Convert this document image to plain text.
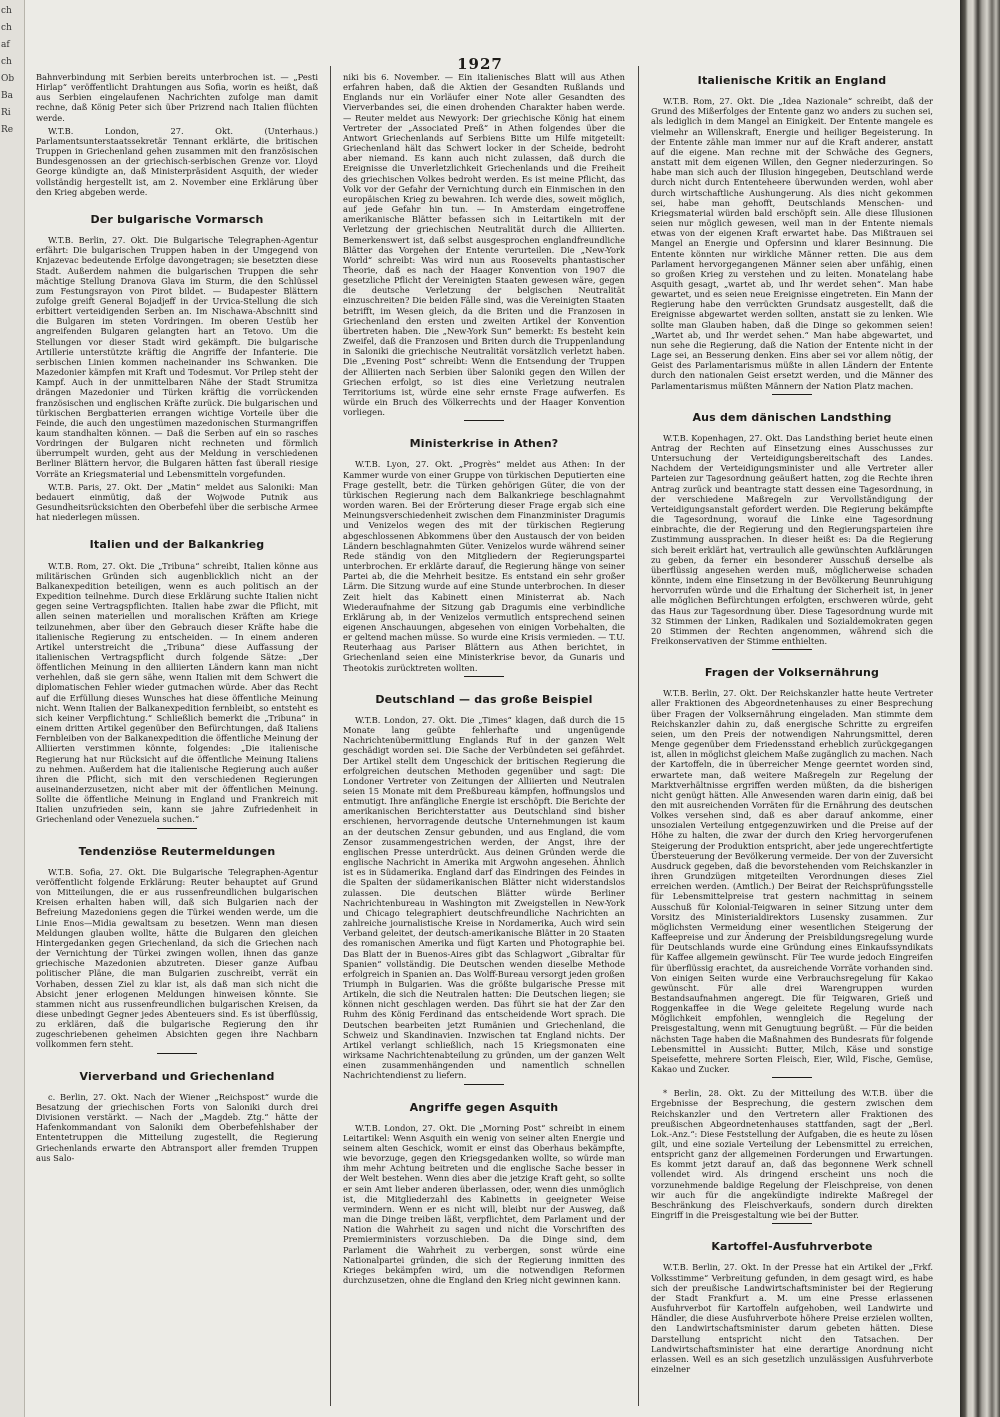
ch
ch
af
ch
Ob
Ba
Ri
Re
1927

Bahnverbindung mit Serbien bereits unterbrochen ist. — „Pesti Hirlap“ veröffentlicht Drahtungen aus Sofia, worin es heißt, daß aus Serbien eingelaufenen Nachrichten zufolge man damit rechne, daß König Peter sich über Prizrend nach Italien flüchten werde.

W.T.B. London, 27. Okt. (Unterhaus.) Parlamentsunterstaatssekretär Tennant erklärte, die britischen Truppen in Griechenland gehen zusammen mit den französischen Bundesgenossen an der griechisch-serbischen Grenze vor. Lloyd George kündigte an, daß Ministerpräsident Asquith, der wieder vollständig hergestellt ist, am 2. November eine Erklärung über den Krieg abgeben werde.

Der bulgarische Vormarsch

W.T.B. Berlin, 27. Okt. Die Bulgarische Telegraphen-Agentur erfährt: Die bulgarischen Truppen haben in der Umgegend von Knjazevac bedeutende Erfolge davongetragen; sie besetzten diese Stadt. Außerdem nahmen die bulgarischen Truppen die sehr mächtige Stellung Dranova Glava im Sturm, die den Schlüssel zum Festungsrayon von Pirot bildet. — Budapester Blättern zufolge greift General Bojadjeff in der Urvica-Stellung die sich erbittert verteidigenden Serben an. Im Nischawa-Abschnitt sind die Bulgaren im steten Vordringen. Im oberen Uestüb her angreifenden Bulgaren gelangten hart an Tetovo. Um die Stellungen vor dieser Stadt wird gekämpft. Die bulgarische Artillerie unterstützte kräftig die Angriffe der Infanterie. Die serbischen Linien kommen nacheinander ins Schwanken. Die Mazedonier kämpfen mit Kraft und Todesmut. Vor Prilep steht der Kampf. Auch in der unmittelbaren Nähe der Stadt Strumitza drängen Mazedonier und Türken kräftig die vorrückenden französischen und englischen Kräfte zurück. Die bulgarischen und türkischen Bergbatterien errangen wichtige Vorteile über die Feinde, die auch den ungestümen mazedonischen Sturmangriffen kaum standhalten können. — Daß die Serben auf ein so rasches Vordringen der Bulgaren nicht rechneten und förmlich überrumpelt wurden, geht aus der Meldung in verschiedenen Berliner Blättern hervor, die Bulgaren hätten fast überall riesige Vorräte an Kriegsmaterial und Lebensmitteln vorgefunden.

W.T.B. Paris, 27. Okt. Der „Matin“ meldet aus Saloniki: Man bedauert einmütig, daß der Wojwode Putnik aus Gesundheitsrücksichten den Oberbefehl über die serbische Armee hat niederlegen müssen.

Italien und der Balkankrieg

W.T.B. Rom, 27. Okt. Die „Tribuna“ schreibt, Italien könne aus militärischen Gründen sich augenblicklich nicht an der Balkanexpedition beteiligen, wenn es auch politisch an der Expedition teilnehme. Durch diese Erklärung suchte Italien nicht gegen seine Vertragspflichten. Italien habe zwar die Pflicht, mit allen seinen materiellen und moralischen Kräften am Kriege teilzunehmen, aber über den Gebrauch dieser Kräfte habe die italienische Regierung zu entscheiden. — In einem anderen Artikel unterstreicht die „Tribuna“ diese Auffassung der italienischen Vertragspflicht durch folgende Sätze: „Der öffentlichen Meinung in den alliierten Ländern kann man nicht verhehlen, daß sie gern sähe, wenn Italien mit dem Schwert die diplomatischen Fehler wieder gutmachen würde. Aber das Recht auf die Erfüllung dieses Wunsches hat diese öffentliche Meinung nicht. Wenn Italien der Balkanexpedition fernbleibt, so entsteht es sich keiner Verpflichtung.“ Schließlich bemerkt die „Tribuna“ in einem dritten Artikel gegenüber den Befürchtungen, daß Italiens Fernbleiben von der Balkanexpedition die öffentliche Meinung der Alliierten verstimmen könnte, folgendes: „Die italienische Regierung hat nur Rücksicht auf die öffentliche Meinung Italiens zu nehmen. Außerdem hat die italienische Regierung auch außer ihren die Pflicht, sich mit den verschiedenen Regierungen auseinanderzusetzen, nicht aber mit der öffentlichen Meinung. Sollte die öffentliche Meinung in England und Frankreich mit Italien unzufrieden sein, kann sie jahre Zufriedenheit in Griechenland oder Venezuela suchen.“

Tendenziöse Reutermeldungen

W.T.B. Sofia, 27. Okt. Die Bulgarische Telegraphen-Agentur veröffentlicht folgende Erklärung: Reuter behauptet auf Grund von Mitteilungen, die er aus russenfreundlichen bulgarischen Kreisen erhalten haben will, daß sich Bulgarien nach der Befreiung Mazedoniens gegen die Türkei wenden werde, um die Linie Enos—Midia gewaltsam zu besetzen. Wenn man diesen Meldungen glauben wollte, hätte die Bulgaren den gleichen Hintergedanken gegen Griechenland, da sich die Griechen nach der Vernichtung der Türkei zwingen wollen, ihnen das ganze griechische Mazedonien abzutreten. Dieser ganze Aufbau politischer Pläne, die man Bulgarien zuschreibt, verrät ein Vorhaben, dessen Ziel zu klar ist, als daß man sich nicht die Absicht jener erlogenen Meldungen hinweisen könnte. Sie stammen nicht aus russenfreundlichen bulgarischen Kreisen, da diese unbedingt Gegner jedes Abenteuers sind. Es ist überflüssig, zu erklären, daß die bulgarische Regierung den ihr zugeschriebenen geheimen Absichten gegen ihre Nachbarn vollkommen fern steht.

Vierverband und Griechenland

c. Berlin, 27. Okt. Nach der Wiener „Reichspost“ wurde die Besatzung der griechischen Forts von Saloniki durch drei Divisionen verstärkt. — Nach der „Magdeb. Ztg.“ hätte der Hafenkommandant von Saloniki dem Oberbefehlshaber der Ententetruppen die Mitteilung zugestellt, die Regierung Griechenlands erwarte den Abtransport aller fremden Truppen aus Salo-

niki bis 6. November. — Ein italienisches Blatt will aus Athen erfahren haben, daß die Aktien der Gesandten Rußlands und Englands nur ein Vorläufer einer Note aller Gesandten des Vierverbandes sei, die einen drohenden Charakter haben werde. — Reuter meldet aus Newyork: Der griechische König hat einem Vertreter der „Associated Preß“ in Athen folgendes über die Antwort Griechenlands auf Serbiens Bitte um Hilfe mitgeteilt: Griechenland hält das Schwert locker in der Scheide, bedroht aber niemand. Es kann auch nicht zulassen, daß durch die Ereignisse die Unverletzlichkeit Griechenlands und die Freiheit des griechischen Volkes bedroht werden. Es ist meine Pflicht, das Volk vor der Gefahr der Vernichtung durch ein Einmischen in den europäischen Krieg zu bewahren. Ich werde dies, soweit möglich, auf jede Gefahr hin tun. — In Amsterdam eingetroffene amerikanische Blätter befassen sich in Leitartikeln mit der Verletzung der griechischen Neutralität durch die Alliierten. Bemerkenswert ist, daß selbst ausgesprochen englandfreundliche Blätter das Vorgehen der Entente verurteilen. Die „New-York World“ schreibt: Was wird nun aus Roosevelts phantastischer Theorie, daß es nach der Haager Konvention von 1907 die gesetzliche Pflicht der Vereinigten Staaten gewesen wäre, gegen die deutsche Verletzung der belgischen Neutralität einzuschreiten? Die beiden Fälle sind, was die Vereinigten Staaten betrifft, im Wesen gleich, da die Briten und die Franzosen in Griechenland den ersten und zweiten Artikel der Konvention übertreten haben. Die „New-York Sun“ bemerkt: Es besteht kein Zweifel, daß die Franzosen und Briten durch die Truppenlandung in Saloniki die griechische Neutralität vorsätzlich verletzt haben. Die „Evening Post“ schreibt: Wenn die Entsendung der Truppen der Alliierten nach Serbien über Saloniki gegen den Willen der Griechen erfolgt, so ist dies eine Verletzung neutralen Territoriums ist, würde eine sehr ernste Frage aufwerfen. Es würde ein Bruch des Völkerrechts und der Haager Konvention vorliegen.

Ministerkrise in Athen?

W.T.B. Lyon, 27. Okt. „Progrès“ meldet aus Athen: In der Kammer wurde von einer Gruppe von türkischen Deputierten eine Frage gestellt, betr. die Türken gehörigen Güter, die von der türkischen Regierung nach dem Balkankriege beschlagnahmt worden waren. Bei der Erörterung dieser Frage ergab sich eine Meinungsverschiedenheit zwischen dem Finanzminister Dragumis und Venizelos wegen des mit der türkischen Regierung abgeschlossenen Abkommens über den Austausch der von beiden Ländern beschlagnahmten Güter. Venizelos wurde während seiner Rede ständig von den Mitgliedern der Regierungspartei unterbrochen. Er erklärte darauf, die Regierung hänge von seiner Partei ab, die die Mehrheit besitze. Es entstand ein sehr großer Lärm. Die Sitzung wurde auf eine Stunde unterbrochen. In dieser Zeit hielt das Kabinett einen Ministerrat ab. Nach Wiederaufnahme der Sitzung gab Dragumis eine verbindliche Erklärung ab, in der Venizelos vermutlich entsprechend seinen eigenen Anschauungen, abgesehen von einigen Vorbehalten, die er geltend machen müsse. So wurde eine Krisis vermieden. — T.U. Reuterhaag aus Pariser Blättern aus Athen berichtet, in Griechenland seien eine Ministerkrise bevor, da Gunaris und Theotokis zurücktreten wollten.

Deutschland — das große Beispiel

W.T.B. London, 27. Okt. Die „Times“ klagen, daß durch die 15 Monate lang geübte fehlerhafte und ungenügende Nachrichtenübermittlung Englands Ruf in der ganzen Welt geschädigt worden sei. Die Sache der Verbündeten sei gefährdet. Der Artikel stellt dem Ungeschick der britischen Regierung die erfolgreichen deutschen Methoden gegenüber und sagt: Die Londoner Vertreter von Zeitungen der Alliierten und Neutralen seien 15 Monate mit dem Preßbureau kämpfen, hoffnungslos und entmutigt. Ihre anfängliche Energie ist erschöpft. Die Berichte der amerikanischen Berichterstatter aus Deutschland sind bisher erschienen, hervorragende deutsche Unternehmungen ist kaum an der deutschen Zensur gebunden, und aus England, die vom Zensor zusammengestrichen werden, der Angst, ihre der englischen Presse unterdrückt. Aus deinen Gründen werde die englische Nachricht in Amerika mit Argwohn angesehen. Ähnlich ist es in Südamerika. England darf das Eindringen des Feindes in die Spalten der südamerikanischen Blätter nicht widerstandslos zulassen. Die deutschen Blätter würde Berliner Nachrichtenbureau in Washington mit Zweigstellen in New-York und Chicago telegraphiert deutschfreundliche Nachrichten an zahlreiche journalistische Kreise in Nordamerika, Auch wird sein Verband geleitet, der deutsch-amerikanische Blätter in 20 Staaten des romanischen Amerika und fügt Karten und Photographie bei. Das Blatt der in Buenos-Aires gibt das Schlagwort „Gibraltar für Spanien“ vollständig. Die Deutschen wenden dieselbe Methode erfolgreich in Spanien an. Das Wolff-Bureau versorgt jeden großen Triumph in Bulgarien. Was die größte bulgarische Presse mit Artikeln, die sich die Neutralen hatten: Die Deutschen liegen; sie können nicht geschlagen werden. Das führt sie hat der Zar den Ruhm des König Ferdinand das entscheidende Wort sprach. Die Deutschen bearbeiten jetzt Rumänien und Griechenland, die Schweiz und Skandinavien. Inzwischen tat England nichts. Der Artikel verlangt schließlich, nach 15 Kriegsmonaten eine wirksame Nachrichtenabteilung zu gründen, um der ganzen Welt einen zusammenhängenden und namentlich schnellen Nachrichtendienst zu liefern.

Angriffe gegen Asquith

W.T.B. London, 27. Okt. Die „Morning Post“ schreibt in einem Leitartikel: Wenn Asquith ein wenig von seiner alten Energie und seinem alten Geschick, womit er einst das Oberhaus bekämpfte, wie bevorzuge, gegen den Kriegsgedanken wollte, so würde man ihm mehr Achtung beitreten und die englische Sache besser in der Welt bestehen. Wenn dies aber die jetzige Kraft geht, so sollte er sein Amt lieber anderen überlassen, oder, wenn dies unmöglich ist, die Mitgliederzahl des Kabinetts in geeigneter Weise vermindern. Wenn er es nicht will, bleibt nur der Ausweg, daß man die Dinge treiben läßt, verpflichtet, dem Parlament und der Nation die Wahrheit zu sagen und nicht die Vorschriften des Premierministers vorzuschieben. Da die Dinge sind, dem Parlament die Wahrheit zu verbergen, sonst würde eine Nationalpartei gründen, die sich der Regierung inmitten des Krieges bekämpfen wird, um die notwendigen Reformen durchzusetzen, ohne die England den Krieg nicht gewinnen kann.

Italienische Kritik an England

W.T.B. Rom, 27. Okt. Die „Idea Nazionale“ schreibt, daß der Grund des Mißerfolges der Entente ganz wo anders zu suchen sei, als lediglich in dem Mangel an Einigkeit. Der Entente mangele es vielmehr an Willenskraft, Energie und heiliger Begeisterung. In der Entente zähle man immer nur auf die Kraft anderer, anstatt auf die eigene. Man rechne mit der Schwäche des Gegners, anstatt mit dem eigenen Willen, den Gegner niederzuringen. So habe man sich auch der Illusion hingegeben, Deutschland werde durch nicht durch Ententeheere überwunden werden, wohl aber durch wirtschaftliche Aushungerung. Als dies nicht gekommen sei, habe man gehofft, Deutschlands Menschen- und Kriegsmaterial würden bald erschöpft sein. Alle diese Illusionen seien nur möglich gewesen, weil man in der Entente niemals etwas von der eigenen Kraft erwartet habe. Das Mißtrauen sei Mangel an Energie und Opfersinn und klarer Besinnung. Die Entente könnten nur wirkliche Männer retten. Die aus dem Parlament hervorgegangenen Männer seien aber unfähig, einen so großen Krieg zu verstehen und zu leiten. Monatelang habe Asquith gesagt, „wartet ab, und Ihr werdet sehen“. Man habe gewartet, und es seien neue Ereignisse eingetreten. Ein Mann der Regierung habe den verrückten Grundsatz ausgestellt, daß die Ereignisse abgewartet werden sollten, anstatt sie zu lenken. Wie sollte man Glauben haben, daß die Dinge so gekommen seien! „Wartet ab, und Ihr werdet sehen.“ Man habe abgewartet, und nun sehe die Regierung, daß die Nation der Entente nicht in der Lage sei, an Besserung denken. Eins aber sei vor allem nötig, der Geist des Parlamentarismus müßte in allen Ländern der Entente durch den nationalen Geist ersetzt werden, und die Männer des Parlamentarismus müßten Männern der Nation Platz machen.

Aus dem dänischen Landsthing

W.T.B. Kopenhagen, 27. Okt. Das Landsthing beriet heute einen Antrag der Rechten auf Einsetzung eines Ausschusses zur Untersuchung der Verteidigungsbereitschaft des Landes. Nachdem der Verteidigungsminister und alle Vertreter aller Parteien zur Tagesordnung geäußert hatten, zog die Rechte ihren Antrag zurück und beantragte statt dessen eine Tagesordnung, in der verschiedene Maßregeln zur Vervollständigung der Verteidigungsanstalt gefordert werden. Die Regierung bekämpfte die Tagesordnung, worauf die Linke eine Tagesordnung einbrachte, die der Regierung und den Regierungsparteien ihre Zustimmung aussprachen. In dieser heißt es: Da die Regierung sich bereit erklärt hat, vertraulich alle gewünschten Aufklärungen zu geben, da ferner ein besonderer Ausschuß derselbe als überflüssig angesehen werden muß, möglicherweise schaden könnte, indem eine Einsetzung in der Bevölkerung Beunruhigung hervorrufen würde und die Erhaltung der Sicherheit ist, in jener alle möglichen Befürchtungen erfolgten, erschweren würde, geht das Haus zur Tagesordnung über. Diese Tagesordnung wurde mit 32 Stimmen der Linken, Radikalen und Sozialdemokraten gegen 20 Stimmen der Rechten angenommen, während sich die Freikonservativen der Stimme enthielten.

Fragen der Volksernährung

W.T.B. Berlin, 27. Okt. Der Reichskanzler hatte heute Vertreter aller Fraktionen des Abgeordnetenhauses zu einer Besprechung über Fragen der Volksernährung eingeladen. Man stimmte dem Reichskanzler dahin zu, daß energische Schritte zu ergreifen seien, um den Preis der notwendigen Nahrungsmittel, deren Menge gegenüber dem Friedensstand erheblich zurückgegangen ist, allen in möglichst gleichem Maße zugänglich zu machen. Nach der Kartoffeln, die in überreicher Menge geerntet worden sind, erwartete man, daß weitere Maßregeln zur Regelung der Marktverhältnisse ergriffen werden müßten, da die bisherigen nicht genügt hätten. Alle Anwesenden waren darin einig, daß bei den mit ausreichenden Vorräten für die Ernährung des deutschen Volkes versehen sind, daß es aber darauf ankomme, einer unsozialen Verteilung entgegenzuwirken und die Preise auf der Höhe zu halten, die zwar der durch den Krieg hervorgerufenen Steigerung der Produktion entspricht, aber jede ungerechtfertigte Übersteuerung der Bevölkerung vermeide. Der von der Zuversicht Ausdruck gegeben, daß die bevorstehenden vom Reichskanzler in ihren Grundzügen mitgeteilten Verordnungen dieses Ziel erreichen werden. (Amtlich.) Der Beirat der Reichsprüfungsstelle für Lebensmittelpreise trat gestern nachmittag in seinem Ausschuß für Kolonial-Teigwaren in seiner Sitzung unter dem Vorsitz des Ministerialdirektors Lusensky zusammen. Zur möglichsten Vermeidung einer wesentlichen Steigerung der Kaffeepreise und zur Änderung der Preisbildungsregelung wurde für Deutschlands wurde eine Gründung eines Einkaufssyndikats für Kaffee allgemein gewünscht. Für Tee wurde jedoch Eingreifen für überflüssig erachtet, da ausreichende Vorräte vorhanden sind. Von einigen Seiten wurde eine Verbrauchsregelung für Kakao gewünscht. Für alle drei Warengruppen wurden Bestandsaufnahmen angeregt. Die für Teigwaren, Grieß und Roggenkaffee in die Wege geleitete Regelung wurde nach Möglichkeit empfohlen, wenngleich die Regelung der Preisgestaltung, wenn mit Genugtuung begrüßt. — Für die beiden nächsten Tage haben die Maßnahmen des Bundesrats für folgende Lebensmittel in Aussicht: Butter, Milch, Käse und sonstige Speisefette, mehrere Sorten Fleisch, Eier, Wild, Fische, Gemüse, Kakao und Zucker.

* Berlin, 28. Okt. Zu der Mitteilung des W.T.B. über die Ergebnisse der Besprechung, die gestern zwischen dem Reichskanzler und den Vertretern aller Fraktionen des preußischen Abgeordnetenhauses stattfanden, sagt der „Berl. Lok.-Anz.“: Diese Feststellung der Aufgaben, die es heute zu lösen gilt, und eine soziale Verteilung der Lebensmittel zu erreichen, entspricht ganz der allgemeinen Forderungen und Erwartungen. Es kommt jetzt darauf an, daß das begonnene Werk schnell vollendet wird. Als dringend erscheint uns noch die vorzunehmende baldige Regelung der Fleischpreise, von denen wir auch für die angekündigte indirekte Maßregel der Beschränkung des Fleischverkaufs, sondern durch direkten Eingriff in die Preisgestaltung wie bei der Butter.

Kartoffel-Ausfuhrverbote

W.T.B. Berlin, 27. Okt. In der Presse hat ein Artikel der „Frkf. Volksstimme“ Verbreitung gefunden, in dem gesagt wird, es habe sich der preußische Landwirtschaftsminister bei der Regierung der Stadt Frankfurt a. M. um eine Presse erlassenen Ausfuhrverbot für Kartoffeln aufgehoben, weil Landwirte und Händler, die diese Ausfuhrverbote höhere Preise erzielen wollten, den Landwirtschaftsminister darum gebeten hätten. Diese Darstellung entspricht nicht den Tatsachen. Der Landwirtschaftsminister hat eine derartige Anordnung nicht erlassen. Weil es an sich gesetzlich unzulässigen Ausfuhrverbote einzelner
